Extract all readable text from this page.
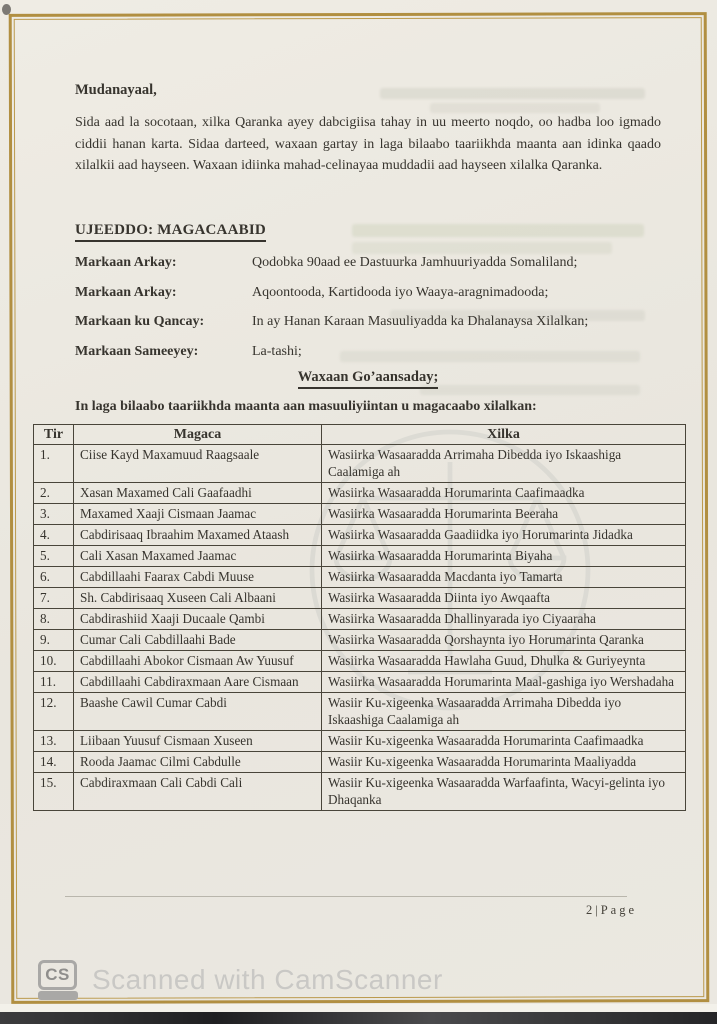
Mudanayaal,
Sida aad la socotaan, xilka Qaranka ayey dabcigiisa tahay in uu meerto noqdo, oo hadba loo igmado ciddii hanan karta. Sidaa darteed, waxaan gartay in laga bilaabo taariikhda maanta aan idinka qaado xilalkii aad hayseen. Waxaan idiinka mahad-celinayaa muddadii aad hayseen xilalka Qaranka.
UJEEDDO: MAGACAABID
Markaan Arkay:	Qodobka 90aad ee Dastuurka Jamhuuriyadda Somaliland;
Markaan Arkay:	Aqoontooda, Kartidooda iyo Waaya-aragnimadooda;
Markaan ku Qancay:	In ay Hanan Karaan Masuuliyadda ka Dhalanaysa Xilalkan;
Markaan Sameeyey:	La-tashi;
Waxaan Go’aansaday;
In laga bilaabo taariikhda maanta aan masuuliyiintan u magacaabo xilalkan:
Tir	Magaca	Xilka
1.	Ciise Kayd Maxamuud Raagsaale	Wasiirka Wasaaradda Arrimaha Dibedda iyo Iskaashiga Caalamiga ah
2.	Xasan Maxamed Cali Gaafaadhi	Wasiirka Wasaaradda Horumarinta Caafimaadka
3.	Maxamed Xaaji Cismaan Jaamac	Wasiirka Wasaaradda Horumarinta Beeraha
4.	Cabdirisaaq Ibraahim Maxamed Ataash	Wasiirka Wasaaradda Gaadiidka iyo Horumarinta Jidadka
5.	Cali Xasan Maxamed Jaamac	Wasiirka Wasaaradda Horumarinta Biyaha
6.	Cabdillaahi Faarax Cabdi Muuse	Wasiirka Wasaaradda Macdanta iyo Tamarta
7.	Sh. Cabdirisaaq Xuseen Cali Albaani	Wasiirka Wasaaradda Diinta iyo Awqaafta
8.	Cabdirashiid Xaaji Ducaale Qambi	Wasiirka Wasaaradda Dhallinyarada iyo Ciyaaraha
9.	Cumar Cali Cabdillaahi Bade	Wasiirka Wasaaradda Qorshaynta iyo Horumarinta Qaranka
10.	Cabdillaahi Abokor Cismaan Aw Yuusuf	Wasiirka Wasaaradda Hawlaha Guud, Dhulka & Guriyeynta
11.	Cabdillaahi Cabdiraxmaan Aare Cismaan	Wasiirka Wasaaradda Horumarinta Maal-gashiga iyo Wershadaha
12.	Baashe Cawil Cumar Cabdi	Wasiir Ku-xigeenka Wasaaradda Arrimaha Dibedda iyo Iskaashiga Caalamiga ah
13.	Liibaan Yuusuf Cismaan Xuseen	Wasiir Ku-xigeenka Wasaaradda Horumarinta Caafimaadka
14.	Rooda Jaamac Cilmi Cabdulle	Wasiir Ku-xigeenka Wasaaradda Horumarinta Maaliyadda
15.	Cabdiraxmaan Cali Cabdi Cali	Wasiir Ku-xigeenka Wasaaradda Warfaafinta, Wacyi-gelinta iyo Dhaqanka
2|Page
CS Scanned with CamScanner
